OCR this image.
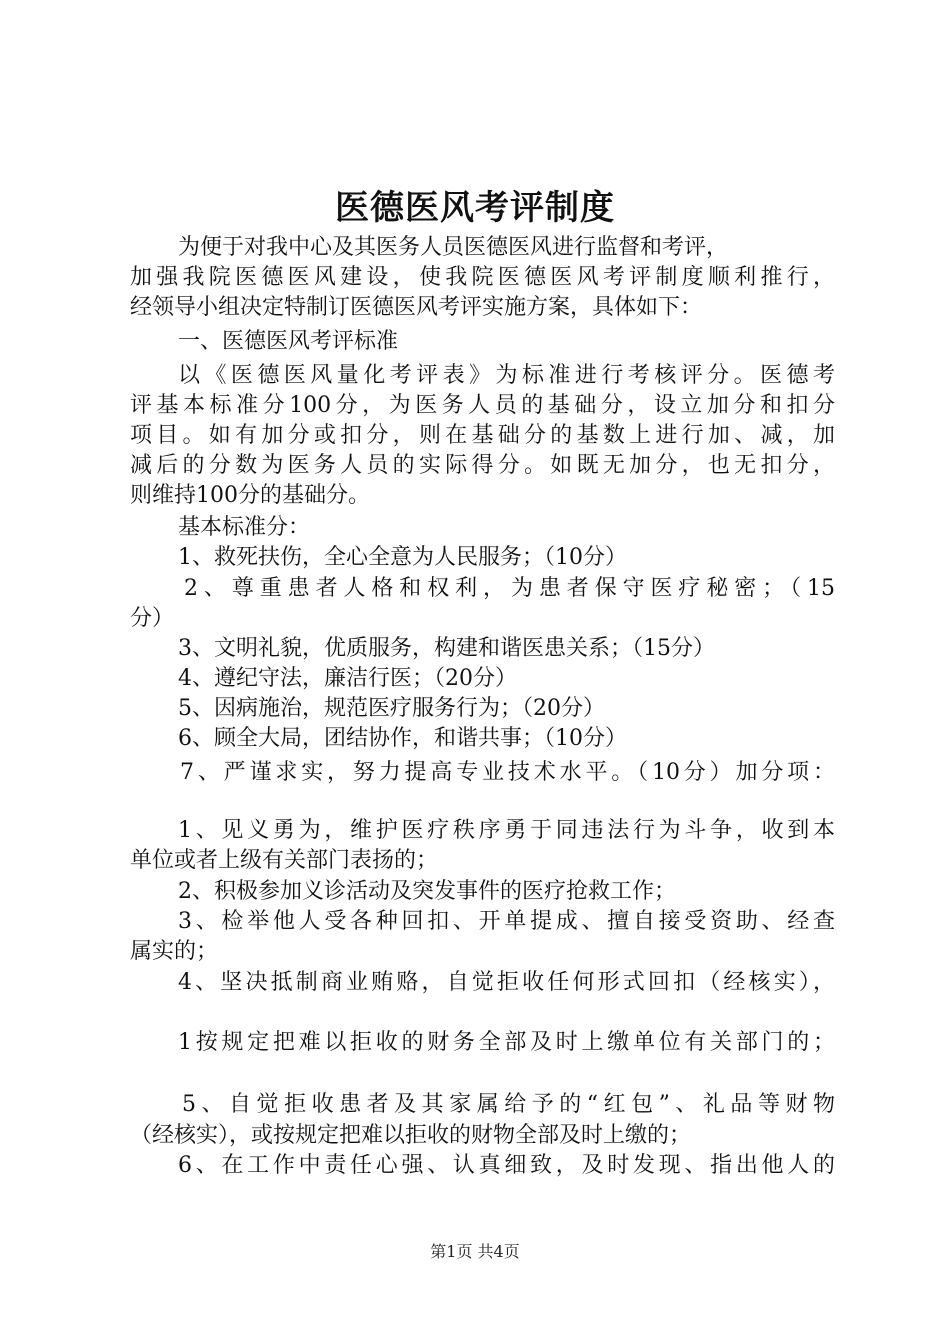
医德医风考评制度
为便于对我中心及其医务人员医德医风进行监督和考评，
加强我院医德医风建设，使我院医德医风考评制度顺利推行，
经领导小组决定特制订医德医风考评实施方案，具体如下：
一、医德医风考评标准
以《医德医风量化考评表》为标准进行考核评分。医德考
评基本标准分100分，为医务人员的基础分，设立加分和扣分
项目。如有加分或扣分，则在基础分的基数上进行加、减，加
减后的分数为医务人员的实际得分。如既无加分，也无扣分，
则维持100分的基础分。
基本标准分：
1、救死扶伤，全心全意为人民服务；（10分）
2、尊重患者人格和权利，为患者保守医疗秘密；（15
分）
3、文明礼貌，优质服务，构建和谐医患关系；（15分）
4、遵纪守法，廉洁行医；（20分）
5、因病施治，规范医疗服务行为；（20分）
6、顾全大局，团结协作，和谐共事；（10分）
7、严谨求实，努力提高专业技术水平。（10分）加分项：
1、见义勇为，维护医疗秩序勇于同违法行为斗争，收到本
单位或者上级有关部门表扬的；
2、积极参加义诊活动及突发事件的医疗抢救工作；
3、检举他人受各种回扣、开单提成、擅自接受资助、经查
属实的；
4、坚决抵制商业贿赂，自觉拒收任何形式回扣（经核实），
1按规定把难以拒收的财务全部及时上缴单位有关部门的；
5、自觉拒收患者及其家属给予的“红包”、礼品等财物
（经核实），或按规定把难以拒收的财物全部及时上缴的；
6、在工作中责任心强、认真细致，及时发现、指出他人的
第1页 共4页
